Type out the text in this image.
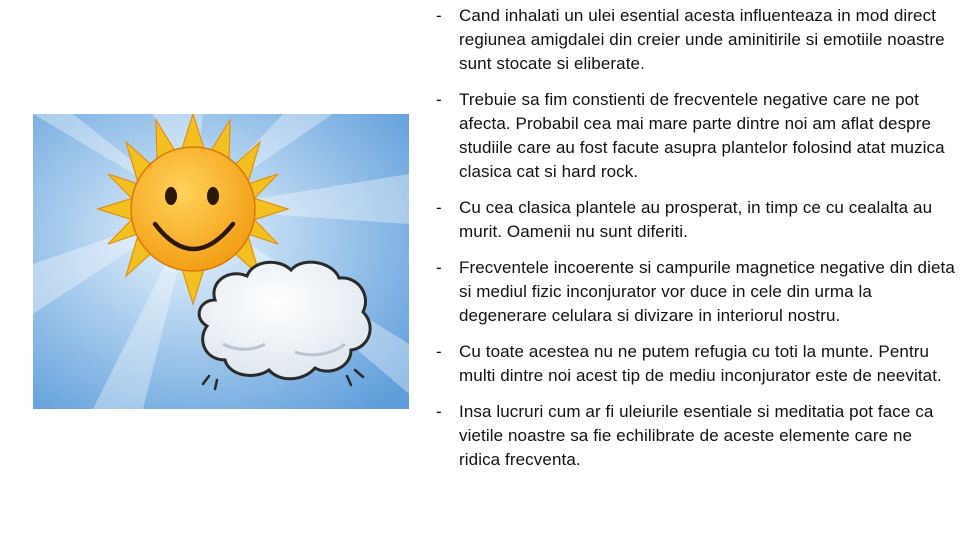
- Cand inhalati un ulei esential acesta influenteaza in mod direct regiunea amigdalei din creier unde aminitirile si emotiile noastre sunt stocate si eliberate.
- Trebuie sa fim constienti de frecventele negative care ne pot afecta. Probabil cea mai mare parte dintre noi am aflat despre studiile care au fost facute asupra plantelor folosind atat muzica clasica cat si hard rock.
- Cu cea clasica plantele au prosperat, in timp ce cu cealalta au murit. Oamenii nu sunt diferiti.
- Frecventele incoerente si campurile magnetice negative din dieta si mediul fizic inconjurator vor duce in cele din urma la degenerare celulara si divizare in interiorul nostru.
- Cu toate acestea nu ne putem refugia cu toti la munte. Pentru multi dintre noi acest tip de mediu inconjurator este de neevitat.
- Insa lucruri cum ar fi uleiurile esentiale si meditatia pot face ca vietile noastre sa fie echilibrate de aceste elemente care ne ridica frecventa.
